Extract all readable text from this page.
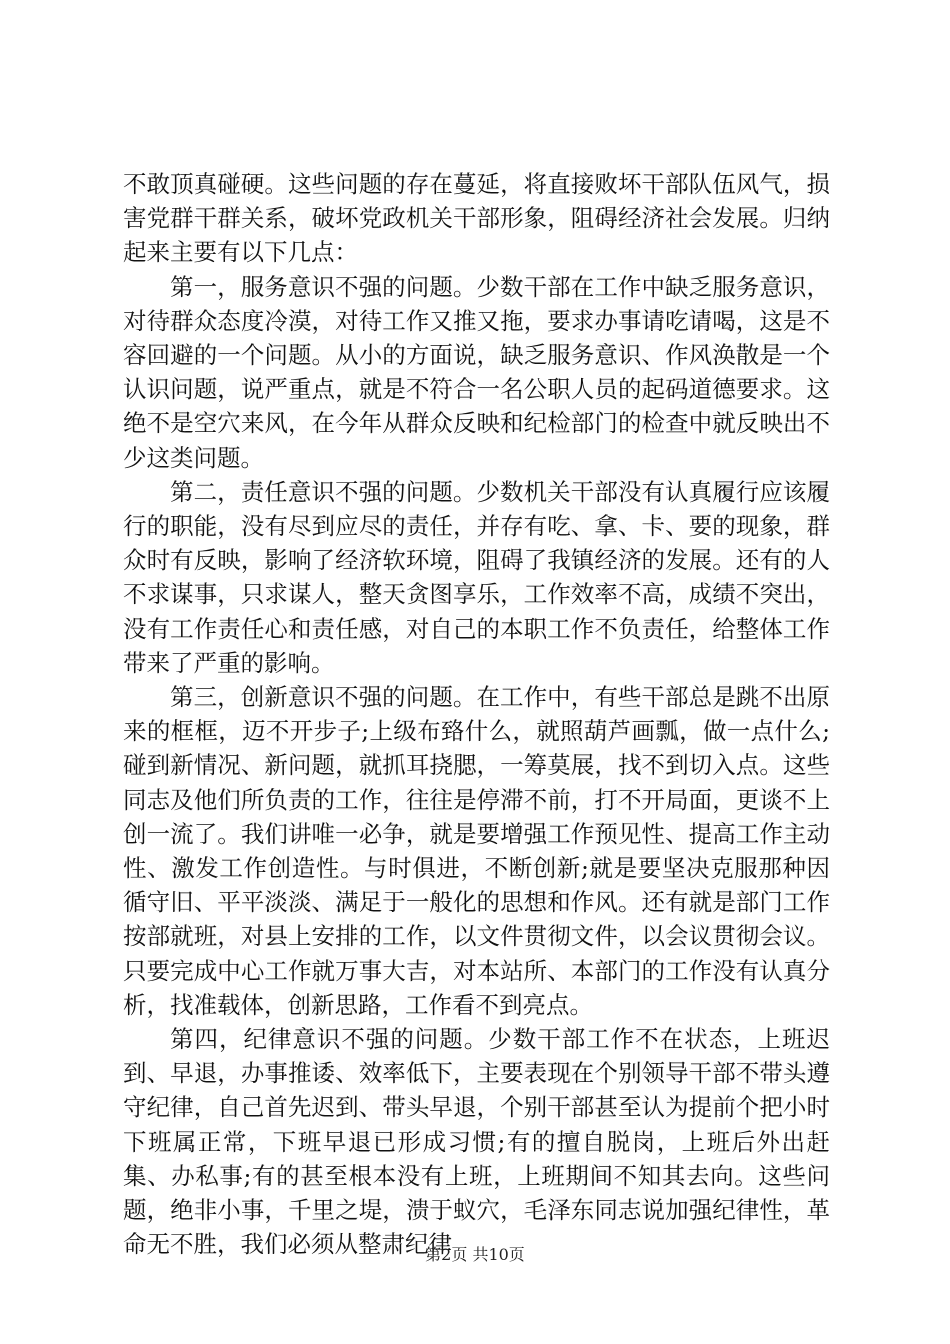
不敢顶真碰硬。这些问题的存在蔓延，将直接败坏干部队伍风气，损害党群干群关系，破坏党政机关干部形象，阻碍经济社会发展。归纳起来主要有以下几点：

第一，服务意识不强的问题。少数干部在工作中缺乏服务意识，对待群众态度冷漠，对待工作又推又拖，要求办事请吃请喝，这是不容回避的一个问题。从小的方面说，缺乏服务意识、作风涣散是一个认识问题，说严重点，就是不符合一名公职人员的起码道德要求。这绝不是空穴来风，在今年从群众反映和纪检部门的检查中就反映出不少这类问题。

第二，责任意识不强的问题。少数机关干部没有认真履行应该履行的职能，没有尽到应尽的责任，并存有吃、拿、卡、要的现象，群众时有反映，影响了经济软环境，阻碍了我镇经济的发展。还有的人不求谋事，只求谋人，整天贪图享乐，工作效率不高，成绩不突出，没有工作责任心和责任感，对自己的本职工作不负责任，给整体工作带来了严重的影响。

第三，创新意识不强的问题。在工作中，有些干部总是跳不出原来的框框，迈不开步子;上级布臵什么，就照葫芦画瓢，做一点什么;碰到新情况、新问题，就抓耳挠腮，一筹莫展，找不到切入点。这些同志及他们所负责的工作，往往是停滞不前，打不开局面，更谈不上创一流了。我们讲唯一必争，就是要增强工作预见性、提高工作主动性、激发工作创造性。与时俱进，不断创新;就是要坚决克服那种因循守旧、平平淡淡、满足于一般化的思想和作风。还有就是部门工作按部就班，对县上安排的工作，以文件贯彻文件，以会议贯彻会议。只要完成中心工作就万事大吉，对本站所、本部门的工作没有认真分析，找准载体，创新思路，工作看不到亮点。

第四，纪律意识不强的问题。少数干部工作不在状态，上班迟到、早退，办事推诿、效率低下，主要表现在个别领导干部不带头遵守纪律，自己首先迟到、带头早退，个别干部甚至认为提前个把小时下班属正常，下班早退已形成习惯;有的擅自脱岗，上班后外出赶集、办私事;有的甚至根本没有上班，上班期间不知其去向。这些问题，绝非小事，千里之堤，溃于蚁穴，毛泽东同志说加强纪律性，革命无不胜，我们必须从整肃纪律

第2页 共10页
